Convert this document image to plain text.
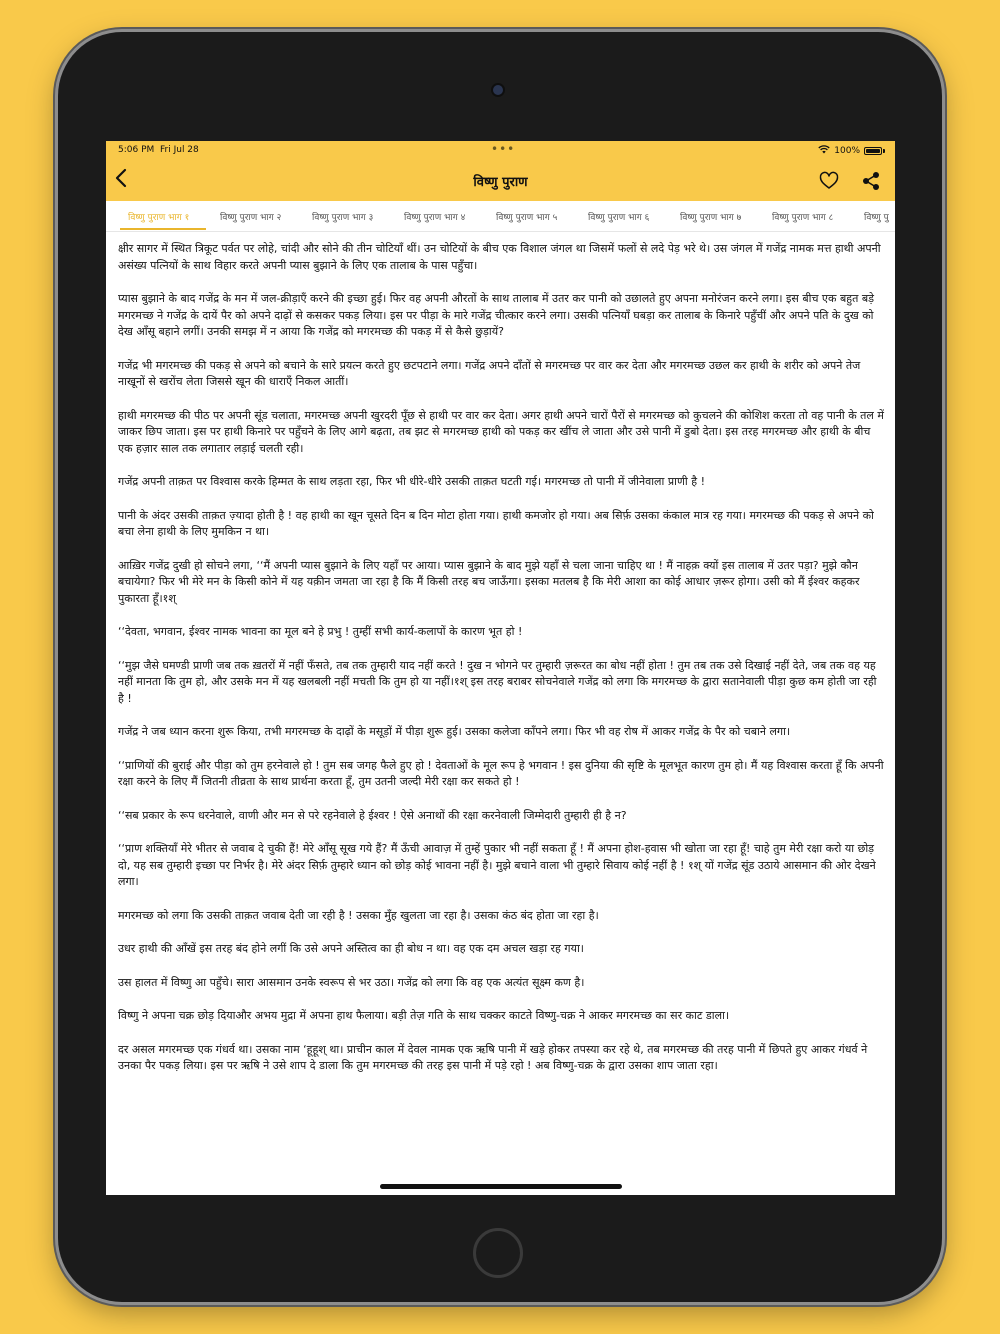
5:06 PM Fri Jul 28	•••	100%
विष्णु पुराण
विष्णु पुराण भाग १	विष्णु पुराण भाग २	विष्णु पुराण भाग ३	विष्णु पुराण भाग ४	विष्णु पुराण भाग ५	विष्णु पुराण भाग ६	विष्णु पुराण भाग ७	विष्णु पुराण भाग ८	विष्णु पु

क्षीर सागर में स्थित त्रिकूट पर्वत पर लोहे, चांदी और सोने की तीन चोटियाँ थीं। उन चोटियों के बीच एक विशाल जंगल था जिसमें फलों से लदे पेड़ भरे थे। उस जंगल में गजेंद्र नामक मत्त हाथी अपनी असंख्य पत्नियों के साथ विहार करते अपनी प्यास बुझाने के लिए एक तालाब के पास पहुँचा।

प्यास बुझाने के बाद गजेंद्र के मन में जल-क्रीड़ाएँ करने की इच्छा हुई। फिर वह अपनी औरतों के साथ तालाब में उतर कर पानी को उछालते हुए अपना मनोरंजन करने लगा। इस बीच एक बहुत बड़े मगरमच्छ ने गजेंद्र के दायें पैर को अपने दाढ़ों से कसकर पकड़ लिया। इस पर पीड़ा के मारे गजेंद्र चीत्कार करने लगा। उसकी पत्नियाँ घबड़ा कर तालाब के किनारे पहुँचीं और अपने पति के दुख को देख आँसू बहाने लगीं। उनकी समझ में न आया कि गजेंद्र को मगरमच्छ की पकड़ में से कैसे छुड़ायें?

गजेंद्र भी मगरमच्छ की पकड़ से अपने को बचाने के सारे प्रयत्न करते हुए छटपटाने लगा। गजेंद्र अपने दाँतों से मगरमच्छ पर वार कर देता और मगरमच्छ उछल कर हाथी के शरीर को अपने तेज नाखूनों से खरोंच लेता जिससे खून की धाराएँ निकल आतीं।

हाथी मगरमच्छ की पीठ पर अपनी सूंड चलाता, मगरमच्छ अपनी खुरदरी पूँछ से हाथी पर वार कर देता। अगर हाथी अपने चारों पैरों से मगरमच्छ को कुचलने की कोशिश करता तो वह पानी के तल में जाकर छिप जाता। इस पर हाथी किनारे पर पहुँचने के लिए आगे बढ़ता, तब झट से मगरमच्छ हाथी को पकड़ कर खींच ले जाता और उसे पानी में डुबो देता। इस तरह मगरमच्छ और हाथी के बीच एक हज़ार साल तक लगातार लड़ाई चलती रही।

गजेंद्र अपनी ताक़त पर विश्वास करके हिम्मत के साथ लड़ता रहा, फिर भी धीरे-धीरे उसकी ताक़त घटती गई। मगरमच्छ तो पानी में जीनेवाला प्राणी है !

पानी के अंदर उसकी ताक़त ज़्यादा होती है ! वह हाथी का खून चूसते दिन ब दिन मोटा होता गया। हाथी कमजोर हो गया। अब सिर्फ़ उसका कंकाल मात्र रह गया। मगरमच्छ की पकड़ से अपने को बचा लेना हाथी के लिए मुमकिन न था।

आख़िर गजेंद्र दुखी हो सोचने लगा, ‘‘मैं अपनी प्यास बुझाने के लिए यहाँ पर आया। प्यास बुझाने के बाद मुझे यहाँ से चला जाना चाहिए था ! मैं नाहक़ क्यों इस तालाब में उतर पड़ा? मुझे कौन बचायेगा? फिर भी मेरे मन के किसी कोने में यह यक़ीन जमता जा रहा है कि मैं किसी तरह बच जाऊँगा। इसका मतलब है कि मेरी आशा का कोई आधार ज़रूर होगा। उसी को मैं ईश्वर कहकर पुकारता हूँ।१श्

‘‘देवता, भगवान, ईश्वर नामक भावना का मूल बने हे प्रभु ! तुम्हीं सभी कार्य-कलापों के कारण भूत हो !

‘‘मुझ जैसे घमण्डी प्राणी जब तक ख़तरों में नहीं फँसते, तब तक तुम्हारी याद नहीं करते ! दुख न भोगने पर तुम्हारी ज़रूरत का बोध नहीं होता ! तुम तब तक उसे दिखाई नहीं देते, जब तक वह यह नहीं मानता कि तुम हो, और उसके मन में यह खलबली नहीं मचती कि तुम हो या नहीं।१श् इस तरह बराबर सोचनेवाले गजेंद्र को लगा कि मगरमच्छ के द्वारा सतानेवाली पीड़ा कुछ कम होती जा रही है !

गजेंद्र ने जब ध्यान करना शुरू किया, तभी मगरमच्छ के दाढ़ों के मसूड़ों में पीड़ा शुरू हुई। उसका कलेजा काँपने लगा। फिर भी वह रोष में आकर गजेंद्र के पैर को चबाने लगा।

‘‘प्राणियों की बुराई और पीड़ा को तुम हरनेवाले हो ! तुम सब जगह फैले हुए हो ! देवताओं के मूल रूप हे भगवान ! इस दुनिया की सृष्टि के मूलभूत कारण तुम हो। मैं यह विश्वास करता हूँ कि अपनी रक्षा करने के लिए मैं जितनी तीव्रता के साथ प्रार्थना करता हूँ, तुम उतनी जल्दी मेरी रक्षा कर सकते हो !

‘‘सब प्रकार के रूप धरनेवाले, वाणी और मन से परे रहनेवाले हे ईश्वर ! ऐसे अनाथों की रक्षा करनेवाली जिम्मेदारी तुम्हारी ही है न?

‘‘प्राण शक्तियाँ मेरे भीतर से जवाब दे चुकी हैं! मेरे आँसू सूख गये हैं? मैं ऊँची आवाज़ में तुम्हें पुकार भी नहीं सकता हूँ ! मैं अपना होश-हवास भी खोता जा रहा हूँ! चाहे तुम मेरी रक्षा करो या छोड़ दो, यह सब तुम्हारी इच्छा पर निर्भर है। मेरे अंदर सिर्फ़ तुम्हारे ध्यान को छोड़ कोई भावना नहीं है। मुझे बचाने वाला भी तुम्हारे सिवाय कोई नहीं है ! १श् यों गजेंद्र सूंड उठाये आसमान की ओर देखने लगा।

मगरमच्छ को लगा कि उसकी ताक़त जवाब देती जा रही है ! उसका मुँह खुलता जा रहा है। उसका कंठ बंद होता जा रहा है।

उधर हाथी की आँखें इस तरह बंद होने लगीं कि उसे अपने अस्तित्व का ही बोध न था। वह एक दम अचल खड़ा रह गया।

उस हालत में विष्णु आ पहुँचे। सारा आसमान उनके स्वरूप से भर उठा। गजेंद्र को लगा कि वह एक अत्यंत सूक्ष्म कण है।

विष्णु ने अपना चक्र छोड़ दियाऔर अभय मुद्रा में अपना हाथ फैलाया। बड़ी तेज़ गति के साथ चक्कर काटते विष्णु-चक्र ने आकर मगरमच्छ का सर काट डाला।

दर असल मगरमच्छ एक गंधर्व था। उसका नाम ‘हूहूश् था। प्राचीन काल में देवल नामक एक ऋषि पानी में खड़े होकर तपस्या कर रहे थे, तब मगरमच्छ की तरह पानी में छिपते हुए आकर गंधर्व ने उनका पैर पकड़ लिया। इस पर ऋषि ने उसे शाप दे डाला कि तुम मगरमच्छ की तरह इस पानी में पड़े रहो ! अब विष्णु-चक्र के द्वारा उसका शाप जाता रहा।
